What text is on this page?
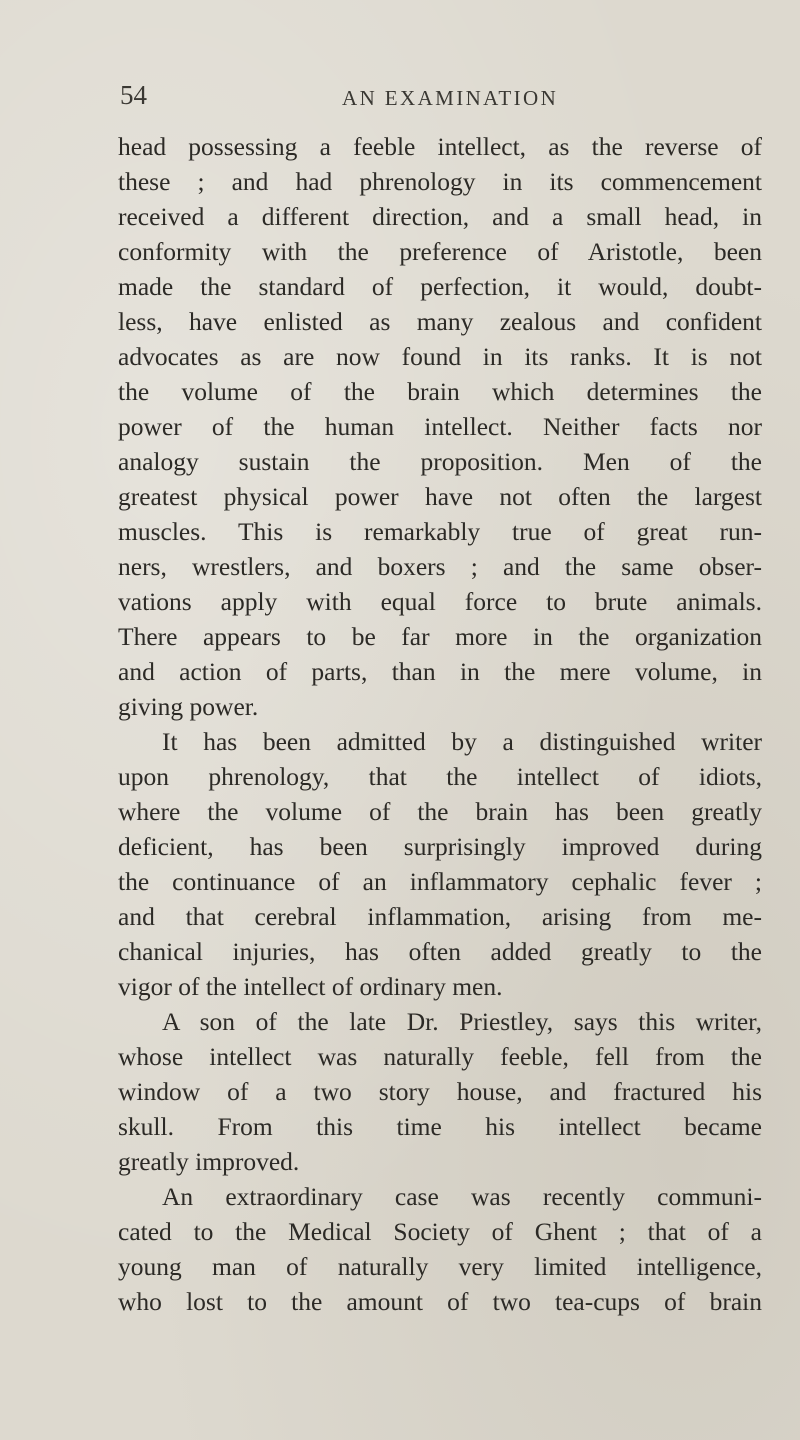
54	AN EXAMINATION
head possessing a feeble intellect, as the reverse of
these ; and had phrenology in its commencement
received a different direction, and a small head, in
conformity with the preference of Aristotle, been
made the standard of perfection, it would, doubt-
less, have enlisted as many zealous and confident
advocates as are now found in its ranks. It is not
the volume of the brain which determines the
power of the human intellect. Neither facts nor
analogy sustain the proposition. Men of the
greatest physical power have not often the largest
muscles. This is remarkably true of great run-
ners, wrestlers, and boxers ; and the same obser-
vations apply with equal force to brute animals.
There appears to be far more in the organization
and action of parts, than in the mere volume, in
giving power.
It has been admitted by a distinguished writer
upon phrenology, that the intellect of idiots,
where the volume of the brain has been greatly
deficient, has been surprisingly improved during
the continuance of an inflammatory cephalic fever ;
and that cerebral inflammation, arising from me-
chanical injuries, has often added greatly to the
vigor of the intellect of ordinary men.
A son of the late Dr. Priestley, says this writer,
whose intellect was naturally feeble, fell from the
window of a two story house, and fractured his
skull. From this time his intellect became
greatly improved.
An extraordinary case was recently communi-
cated to the Medical Society of Ghent ; that of a
young man of naturally very limited intelligence,
who lost to the amount of two tea-cups of brain
